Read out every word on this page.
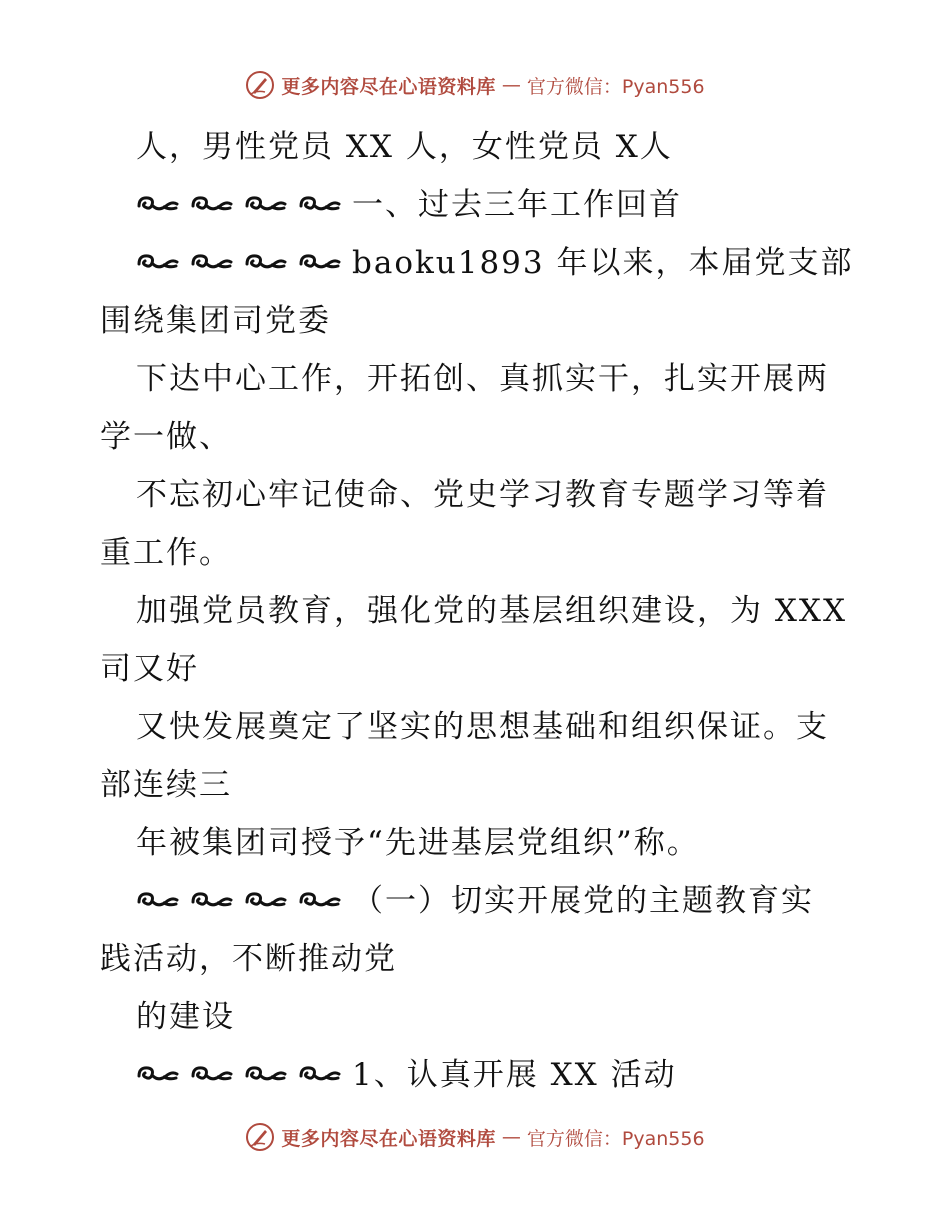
更多内容尽在心语资料库 — 官方微信：Pyan556
人，男性党员 XX 人，女性党员 X人
一、过去三年工作回首
baoku1893 年以来，本届党支部
围绕集团司党委
下达中心工作，开拓创、真抓实干，扎实开展两
学一做、
不忘初心牢记使命、党史学习教育专题学习等着
重工作。
加强党员教育，强化党的基层组织建设，为 XXX
司又好
又快发展奠定了坚实的思想基础和组织保证。支
部连续三
年被集团司授予“先进基层党组织”称。
（一）切实开展党的主题教育实
践活动，不断推动党
的建设
1、认真开展 XX 活动
更多内容尽在心语资料库 — 官方微信：Pyan556
